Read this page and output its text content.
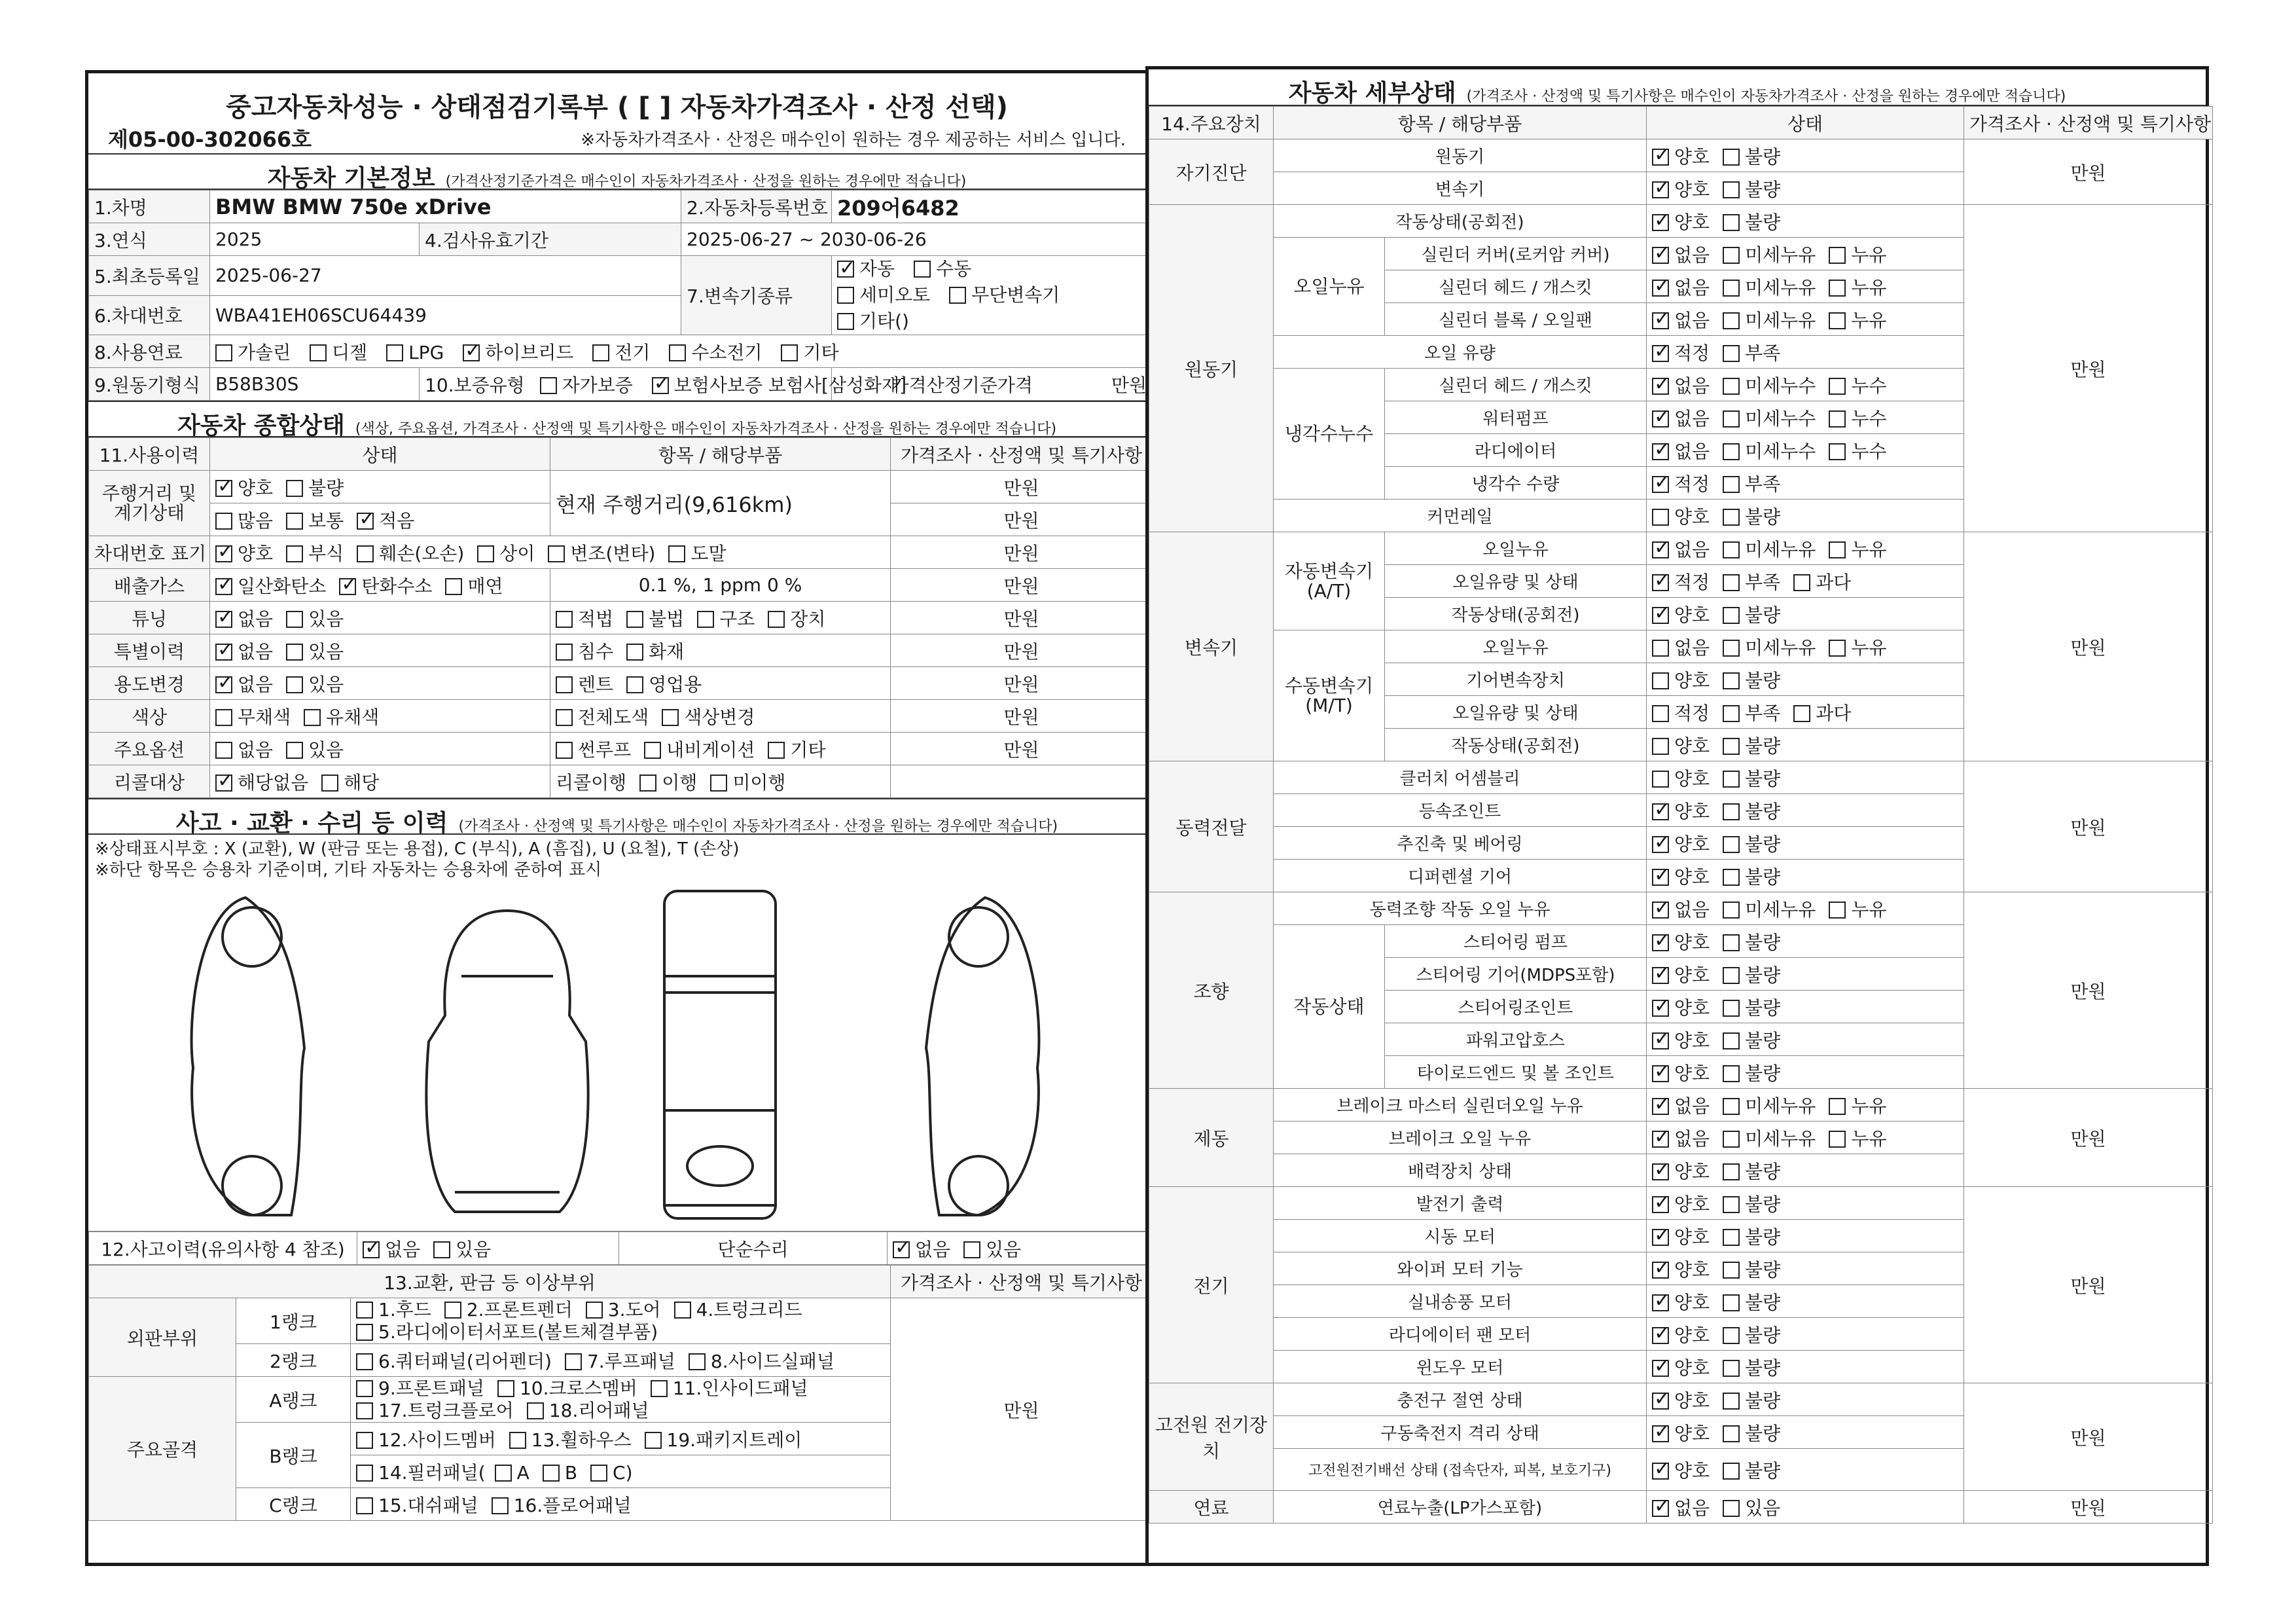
중고자동차성능 · 상태점검기록부 ( [ ] 자동차가격조사 · 산정 선택)
제05-00-302066호	※자동차가격조사 · 산정은 매수인이 원하는 경우 제공하는 서비스 입니다.
자동차 기본정보 (가격산정기준가격은 매수인이 자동차가격조사 · 산정을 원하는 경우에만 적습니다)
1.차명	BMW BMW 750e xDrive		2.자동차등록번호	209어6482
3.연식	2025	4.검사유효기간	2025-06-27 ~ 2030-06-26	
5.최초등록일	2025-06-27		7.변속기종류	✓자동 수동
세미오토 무단변속기
기타()
6.차대번호	WBA41EH06SCU64439			
8.사용연료	가솔린 디젤 LPG ✓ 하이브리드 전기 수소전기 기타
9.원동기형식	B58B30S	10.보증유형 자가보증 ✓ 보험사보증 보험사[삼성화재]		가격산정기준가격 만원
자동차 종합상태 (색상, 주요옵션, 가격조사 · 산정액 및 특기사항은 매수인이 자동차가격조사 · 산정을 원하는 경우에만 적습니다)
11.사용이력	상태	항목 / 해당부품	가격조사 · 산정액 및 특기사항
주행거리 및 계기상태	✓양호 불량	현재 주행거리(9,616km)	만원
	많음 보통 ✓ 적음		만원
차대번호 표기	✓양호 부식 훼손(오손) 상이 변조(변타) 도말		만원
배출가스	✓일산화탄소 ✓ 탄화수소 매연	0.1 %, 1 ppm 0 %	만원
튜닝	✓없음 있음	적법 불법 구조 장치	만원
특별이력	✓없음 있음	침수 화재	만원
용도변경	✓없음 있음	렌트 영업용	만원
색상	무채색 유채색	전체도색 색상변경	만원
주요옵션	없음 있음	썬루프 내비게이션 기타	만원
리콜대상	✓해당없음 해당	리콜이행 이행 미이행	
사고 · 교환 · 수리 등 이력 (가격조사 · 산정액 및 특기사항은 매수인이 자동차가격조사 · 산정을 원하는 경우에만 적습니다)
※상태표시부호 : X (교환), W (판금 또는 용접), C (부식), A (흠집), U (요철), T (손상)
※하단 항목은 승용차 기준이며, 기타 자동차는 승용차에 준하여 표시
12.사고이력(유의사항 4 참조)	✓없음 있음	단순수리	✓없음 있음
13.교환, 판금 등 이상부위			가격조사 · 산정액 및 특기사항
외판부위	1랭크	1.후드 2.프론트펜더 3.도어 4.트렁크리드
5.라디에이터서포트(볼트체결부품)	만원
	2랭크	6.쿼터패널(리어펜더) 7.루프패널 8.사이드실패널	
주요골격	A랭크	9.프론트패널 10.크로스멤버 11.인사이드패널
17.트렁크플로어 18.리어패널	
	B랭크	12.사이드멤버 13.휠하우스 19.패키지트레이	
		14.필러패널( A B C)	
	C랭크	15.대쉬패널 16.플로어패널	
자동차 세부상태 (가격조사 · 산정액 및 특기사항은 매수인이 자동차가격조사 · 산정을 원하는 경우에만 적습니다)
14.주요장치	항목 / 해당부품		상태	가격조사 · 산정액 및 특기사항
자기진단	원동기	✓양호 불량	만원
	변속기	✓양호 불량
원동기	작동상태(공회전)	✓양호 불량	만원
	오일누유	실린더 커버(로커암 커버)	✓없음 미세누유 누유
		실린더 헤드 / 개스킷	✓없음 미세누유 누유
		실린더 블록 / 오일팬	✓없음 미세누유 누유
	오일 유량	✓적정 부족
	냉각수누수	실린더 헤드 / 개스킷	✓없음 미세누수 누수
		워터펌프	✓없음 미세누수 누수
		라디에이터	✓없음 미세누수 누수
		냉각수 수량	✓적정 부족
	커먼레일		양호 불량	
변속기	자동변속기 (A/T)	오일누유	✓없음 미세누유 누유	만원
		오일유량 및 상태	✓적정 부족 과다
		작동상태(공회전)	✓양호 불량
	수동변속기 (M/T)	오일누유	없음 미세누유 누유	
		기어변속장치	양호 불량	
		오일유량 및 상태	적정 부족 과다	
		작동상태(공회전)	양호 불량	
동력전달	클러치 어셈블리		양호 불량	만원
	등속조인트	✓양호 불량
	추진축 및 베어링	✓양호 불량
	디퍼렌셜 기어	✓양호 불량
조향	동력조향 작동 오일 누유	✓없음 미세누유 누유	만원
	작동상태	스티어링 펌프	✓양호 불량
		스티어링 기어(MDPS포함)	✓양호 불량
		스티어링조인트	✓양호 불량
		파워고압호스	✓양호 불량
		타이로드엔드 및 볼 조인트	✓양호 불량
제동	브레이크 마스터 실린더오일 누유	✓없음 미세누유 누유	만원
	브레이크 오일 누유	✓없음 미세누유 누유
	배력장치 상태	✓양호 불량
전기	발전기 출력	✓양호 불량	만원
	시동 모터	✓양호 불량
	와이퍼 모터 기능	✓양호 불량
	실내송풍 모터	✓양호 불량
	라디에이터 팬 모터	✓양호 불량
	윈도우 모터	✓양호 불량
고전원 전기장치	충전구 절연 상태	✓양호 불량	만원
	구동축전지 격리 상태	✓양호 불량
	고전원전기배선 상태 (접속단자, 피복, 보호기구)	✓양호 불량
연료	연료누출(LP가스포함)	✓없음 있음	만원
